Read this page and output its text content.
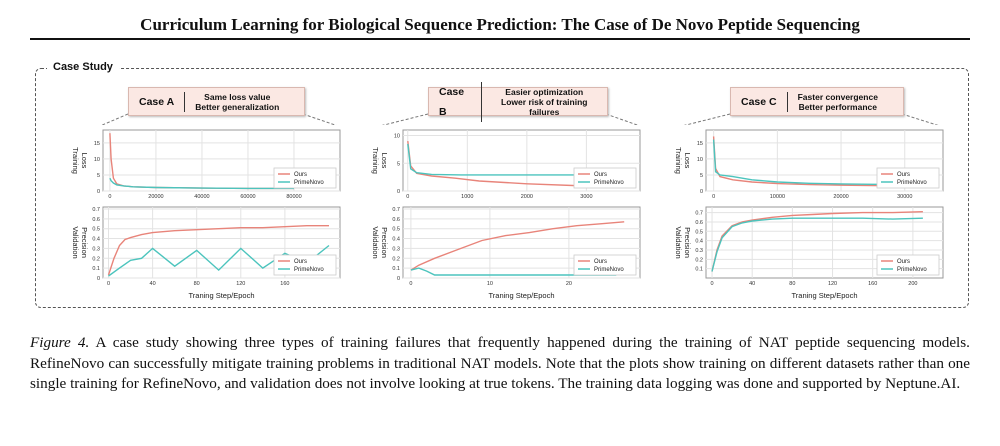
Curriculum Learning for Biological Sequence Prediction: The Case of De Novo Peptide Sequencing
Case Study
Case A	Same loss value
Better generalization
Case B
Easier optimization
Lower risk of training failures
Case C	Faster convergence
Better performance
0
5
10
15
0	20000	40000	60000	80000
Training Loss
Ours
PrimeNovo
0
0.1
0.2
0.3
0.4
0.5
0.6
0.7
0	40	80	120	160
Validation Precision
Traning Step/Epoch
Ours
PrimeNovo
0
5
10
0	1000	2000	3000
Training Loss
Ours
PrimeNovo
0
0.1
0.2
0.3
0.4
0.5
0.6
0.7
0	10	20
Validation Precision
Traning Step/Epoch
Ours
PrimeNovo
0
5
10
15
0	10000	20000	30000
Training Loss
Ours
PrimeNovo
0.1
0.2
0.3
0.4
0.5
0.6
0.7
0	40	80	120	160	200
Validation Precision
Traning Step/Epoch
Ours
PrimeNovo
Figure 4. A case study showing three types of training failures that frequently happened during the training of NAT peptide sequencing models. RefineNovo can successfully mitigate training problems in traditional NAT models. Note that the plots show training on different datasets rather than one single training for RefineNovo, and validation does not involve looking at true tokens. The training data logging was done and supported by Neptune.AI.
